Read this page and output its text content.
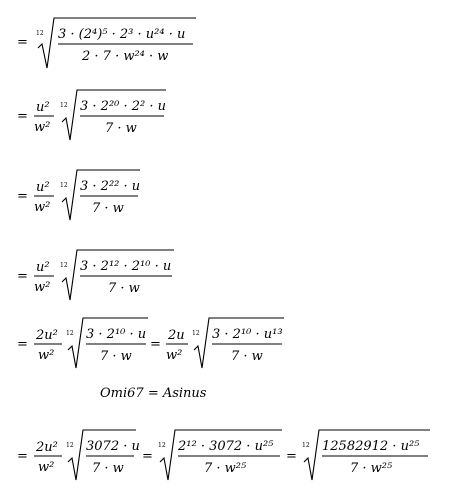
=
12 3 · (2⁴)⁵ · 2³ · u²⁴ · u
2 · 7 · w²⁴ · w
=
u²
w²
12 3 · 2²⁰ · 2² · u
7 · w
=
u²
w²
12 3 · 2²² · u
7 · w
=
u²
w²
12 3 · 2¹² · 2¹⁰ · u
7 · w
=
2u²
w²
12 3 · 2¹⁰ · u
7 · w
=
2u
w²
12 3 · 2¹⁰ · u¹³
7 · w
Omi67 = Asinus
=
2u²
w²
12 3072 · u
7 · w
=
12 2¹² · 3072 · u²⁵
7 · w²⁵
=
12 12582912 · u²⁵
7 · w²⁵
